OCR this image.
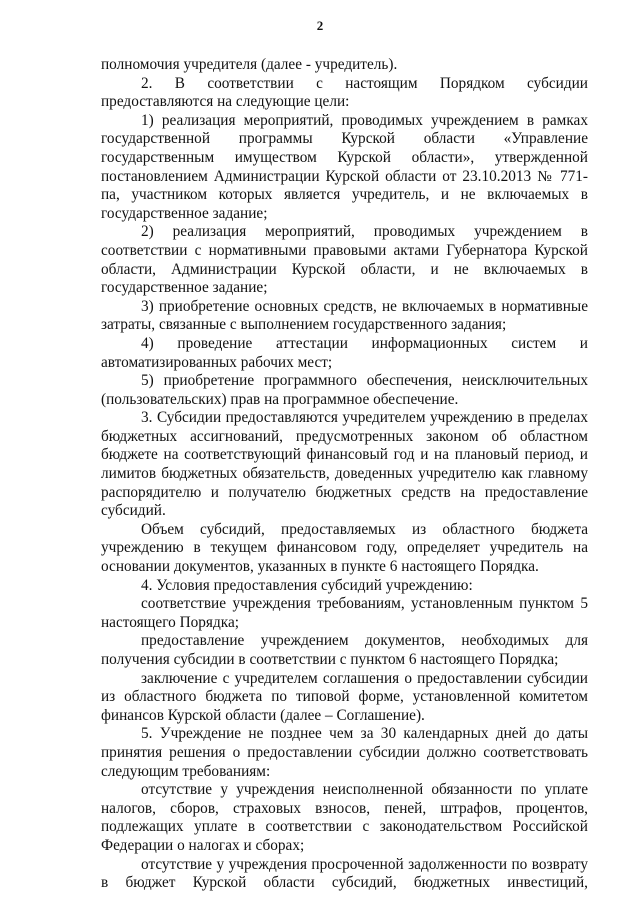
2

полномочия учредителя (далее - учредитель).

2. В соответствии с настоящим Порядком субсидии предоставляются на следующие цели:

1) реализация мероприятий, проводимых учреждением в рамках государственной программы Курской области «Управление государственным имуществом Курской области», утвержденной постановлением Администрации Курской области от 23.10.2013 № 771-па, участником которых является учредитель, и не включаемых в государственное задание;

2) реализация мероприятий, проводимых учреждением в соответствии с нормативными правовыми актами Губернатора Курской области, Администрации Курской области, и не включаемых в государственное задание;

3) приобретение основных средств, не включаемых в нормативные затраты, связанные с выполнением государственного задания;

4) проведение аттестации информационных систем и автоматизированных рабочих мест;

5) приобретение программного обеспечения, неисключительных (пользовательских) прав на программное обеспечение.

3. Субсидии предоставляются учредителем учреждению в пределах бюджетных ассигнований, предусмотренных законом об областном бюджете на соответствующий финансовый год и на плановый период, и лимитов бюджетных обязательств, доведенных учредителю как главному распорядителю и получателю бюджетных средств на предоставление субсидий.

Объем субсидий, предоставляемых из областного бюджета учреждению в текущем финансовом году, определяет учредитель на основании документов, указанных в пункте 6 настоящего Порядка.

4. Условия предоставления субсидий учреждению:

соответствие учреждения требованиям, установленным пунктом 5 настоящего Порядка;

предоставление учреждением документов, необходимых для получения субсидии в соответствии с пунктом 6 настоящего Порядка;

заключение с учредителем соглашения о предоставлении субсидии из областного бюджета по типовой форме, установленной комитетом финансов Курской области (далее – Соглашение).

5. Учреждение не позднее чем за 30 календарных дней до даты принятия решения о предоставлении субсидии должно соответствовать следующим требованиям:

отсутствие у учреждения неисполненной обязанности по уплате налогов, сборов, страховых взносов, пеней, штрафов, процентов, подлежащих уплате в соответствии с законодательством Российской Федерации о налогах и сборах;

отсутствие у учреждения просроченной задолженности по возврату в бюджет Курской области субсидий, бюджетных инвестиций,
